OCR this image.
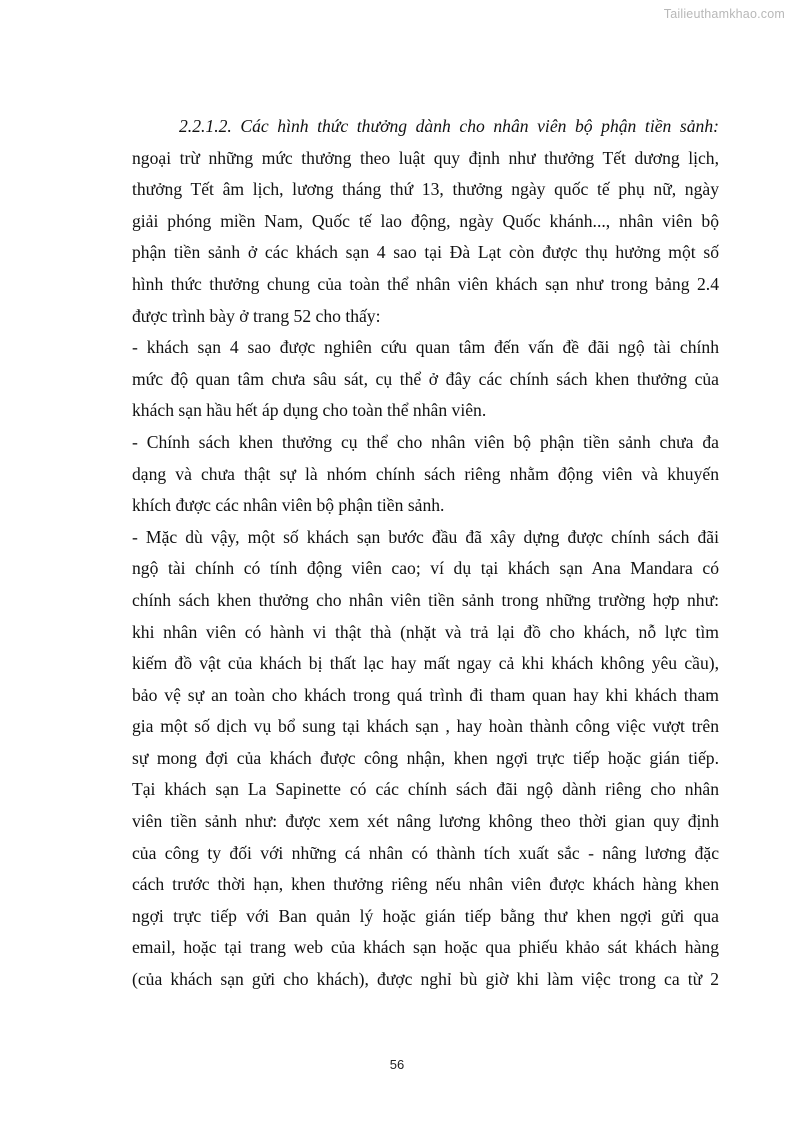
Tailieuthamkhao.com
2.2.1.2. Các hình thức thưởng dành cho nhân viên bộ phận tiền sảnh:
ngoại trừ những mức thưởng theo luật quy định như thưởng Tết dương lịch,
thưởng Tết âm lịch, lương tháng thứ 13, thưởng ngày quốc tế phụ nữ, ngày
giải phóng miền Nam, Quốc tế lao động, ngày Quốc khánh..., nhân viên bộ
phận tiền sảnh ở các khách sạn 4 sao tại Đà Lạt còn được thụ hưởng một số
hình thức thưởng chung của toàn thể nhân viên khách sạn như trong bảng 2.4
được trình bày ở trang 52 cho thấy:
- khách sạn 4 sao được nghiên cứu quan tâm đến vấn đề đãi ngộ tài chính
mức độ quan tâm chưa sâu sát, cụ thể ở đây các chính sách khen thưởng của
khách sạn hầu hết áp dụng cho toàn thể nhân viên.
- Chính sách khen thưởng cụ thể cho nhân viên bộ phận tiền sảnh chưa đa
dạng và chưa thật sự là nhóm chính sách riêng nhằm động viên và khuyến
khích được các nhân viên bộ phận tiền sảnh.
- Mặc dù vậy, một số khách sạn bước đầu đã xây dựng được chính sách đãi
ngộ tài chính có tính động viên cao; ví dụ tại khách sạn Ana Mandara có
chính sách khen thưởng cho nhân viên tiền sảnh trong những trường hợp như:
khi nhân viên có hành vi thật thà (nhặt và trả lại đồ cho khách, nỗ lực tìm
kiếm đồ vật của khách bị thất lạc hay mất ngay cả khi khách không yêu cầu),
bảo vệ sự an toàn cho khách trong quá trình đi tham quan hay khi khách tham
gia một số dịch vụ bổ sung tại khách sạn , hay hoàn thành công việc vượt trên
sự mong đợi của khách được công nhận, khen ngợi trực tiếp hoặc gián tiếp.
Tại khách sạn La Sapinette có các chính sách đãi ngộ dành riêng cho nhân
viên tiền sảnh như: được xem xét nâng lương không theo thời gian quy định
của công ty đối với những cá nhân có thành tích xuất sắc - nâng lương đặc
cách trước thời hạn, khen thưởng riêng nếu nhân viên được khách hàng khen
ngợi trực tiếp với Ban quản lý hoặc gián tiếp bằng thư khen ngợi gửi qua
email, hoặc tại trang web của khách sạn hoặc qua phiếu khảo sát khách hàng
(của khách sạn gửi cho khách), được nghỉ bù giờ khi làm việc trong ca từ 2
56
